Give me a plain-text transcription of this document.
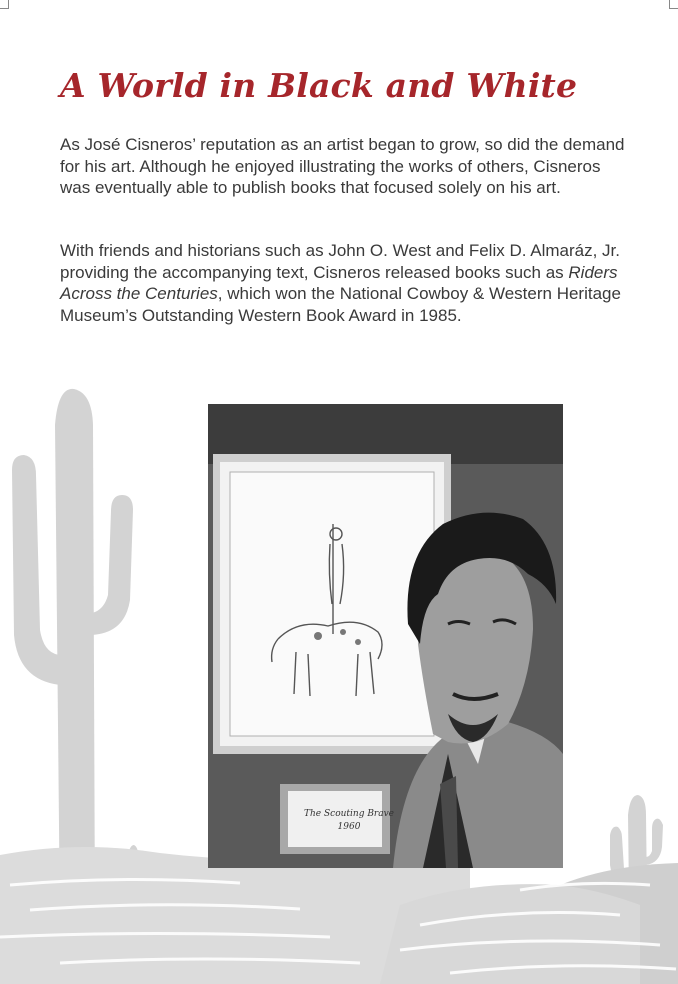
A World in Black and White

As José Cisneros’ reputation as an artist began to grow, so did the demand for his art. Although he enjoyed illustrating the works of others, Cisneros was eventually able to publish books that focused solely on his art.

With friends and historians such as John O. West and Felix D. Almaráz, Jr. providing the accompanying text, Cisneros released books such as Riders Across the Centuries, which won the National Cowboy & Western Heritage Museum’s Outstanding Western Book Award in 1985.

The Scouting Brave
1960
